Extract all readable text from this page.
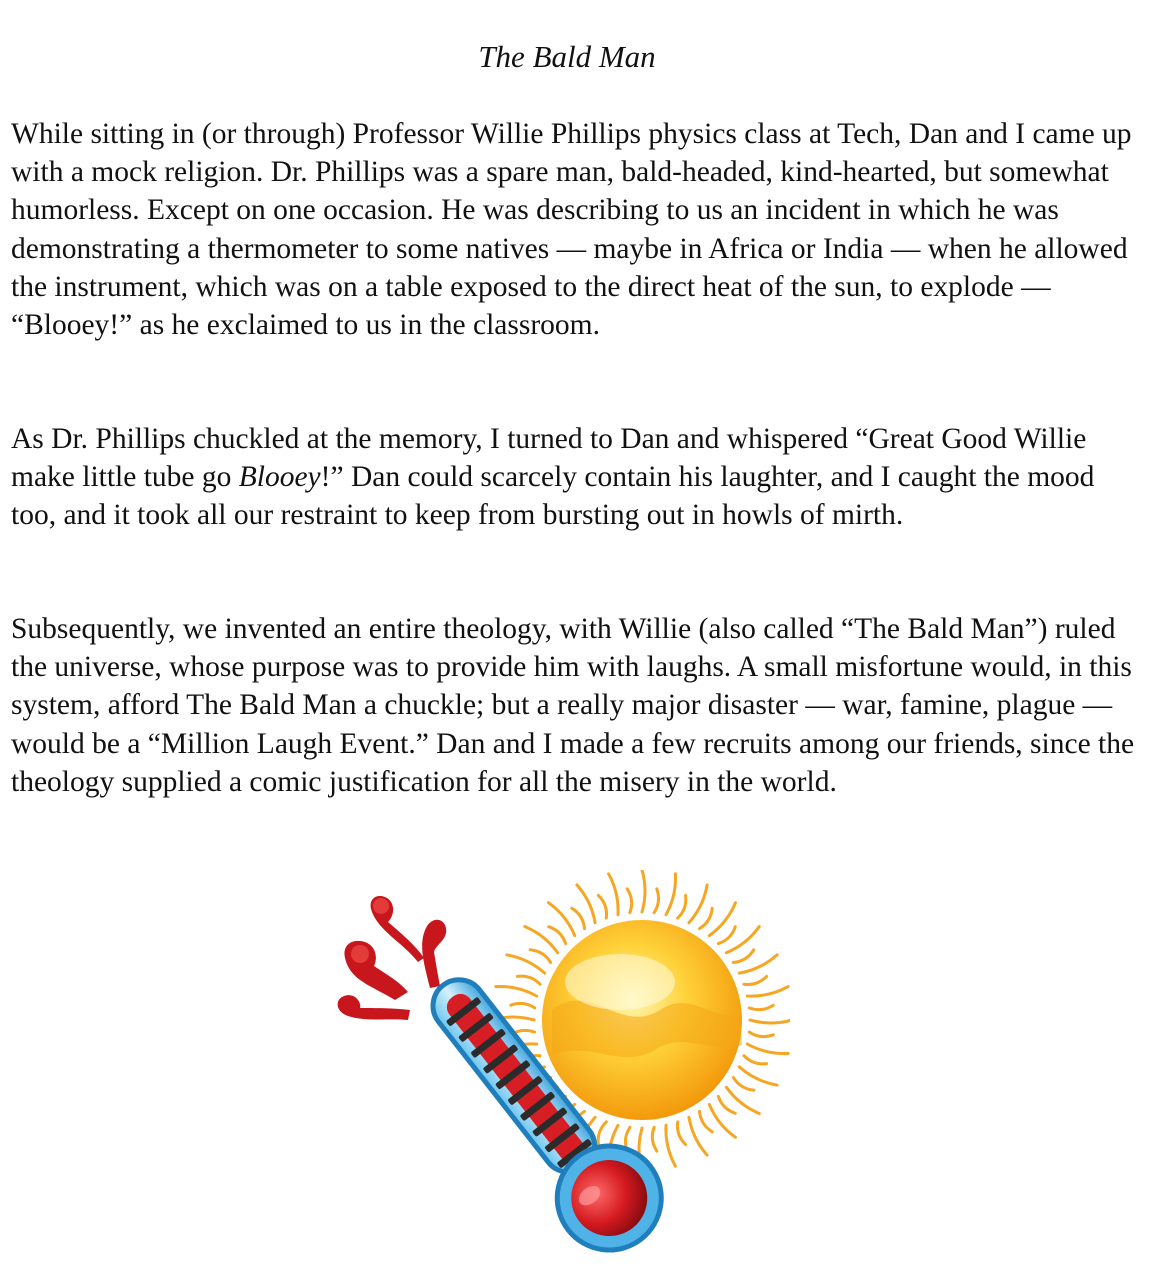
The Bald Man

While sitting in (or through) Professor Willie Phillips physics class at Tech, Dan and I came up with a mock religion. Dr. Phillips was a spare man, bald-headed, kind-hearted, but somewhat humorless. Except on one occasion. He was describing to us an incident in which he was demonstrating a thermometer to some natives — maybe in Africa or India — when he allowed the instrument, which was on a table exposed to the direct heat of the sun, to explode — “Blooey!” as he exclaimed to us in the classroom.

As Dr. Phillips chuckled at the memory, I turned to Dan and whispered “Great Good Willie make little tube go Blooey!” Dan could scarcely contain his laughter, and I caught the mood too, and it took all our restraint to keep from bursting out in howls of mirth.

Subsequently, we invented an entire theology, with Willie (also called “The Bald Man”) ruled the universe, whose purpose was to provide him with laughs. A small misfortune would, in this system, afford The Bald Man a chuckle; but a really major disaster — war, famine, plague — would be a “Million Laugh Event.” Dan and I made a few recruits among our friends, since the theology supplied a comic justification for all the misery in the world.
